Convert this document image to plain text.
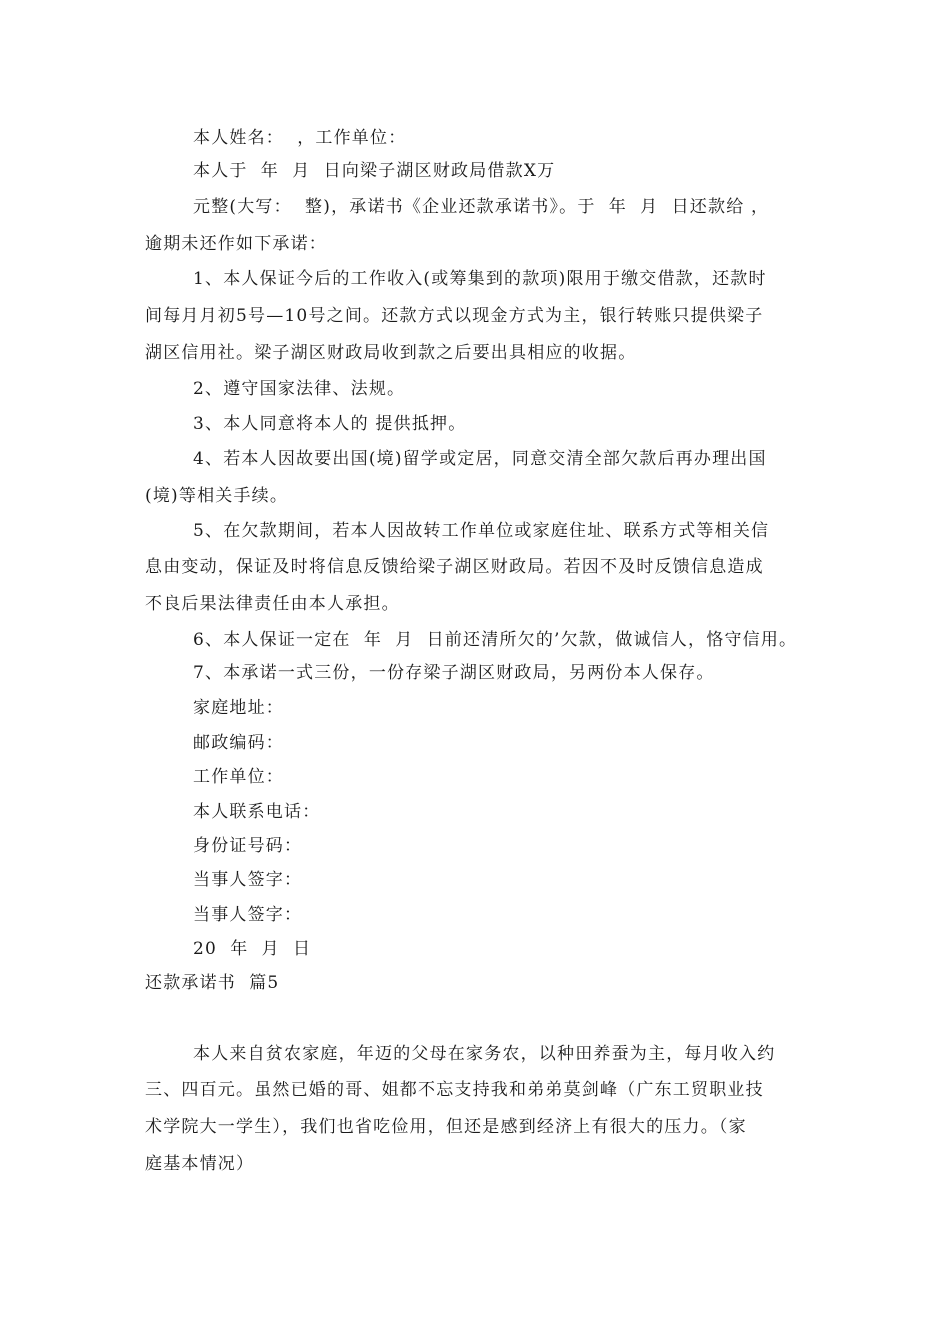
本人姓名：  ，工作单位：
本人于  年  月  日向梁子湖区财政局借款X万
元整(大写：  整)，承诺书《企业还款承诺书》。于  年  月  日还款给 ，
逾期未还作如下承诺：
1、本人保证今后的工作收入(或筹集到的款项)限用于缴交借款，还款时
间每月月初5号—10号之间。还款方式以现金方式为主，银行转账只提供梁子
湖区信用社。梁子湖区财政局收到款之后要出具相应的收据。
2、遵守国家法律、法规。
3、本人同意将本人的 提供抵押。
4、若本人因故要出国(境)留学或定居，同意交清全部欠款后再办理出国
(境)等相关手续。
5、在欠款期间，若本人因故转工作单位或家庭住址、联系方式等相关信
息由变动，保证及时将信息反馈给梁子湖区财政局。若因不及时反馈信息造成
不良后果法律责任由本人承担。
6、本人保证一定在  年  月  日前还清所欠的’欠款，做诚信人，恪守信用。
7、本承诺一式三份，一份存梁子湖区财政局，另两份本人保存。
家庭地址：
邮政编码：
工作单位：
本人联系电话：
身份证号码：
当事人签字：
当事人签字：
20  年  月  日
还款承诺书  篇5
本人来自贫农家庭，年迈的父母在家务农，以种田养蚕为主，每月收入约
三、四百元。虽然已婚的哥、姐都不忘支持我和弟弟莫剑峰（广东工贸职业技
术学院大一学生），我们也省吃俭用，但还是感到经济上有很大的压力。（家
庭基本情况）
